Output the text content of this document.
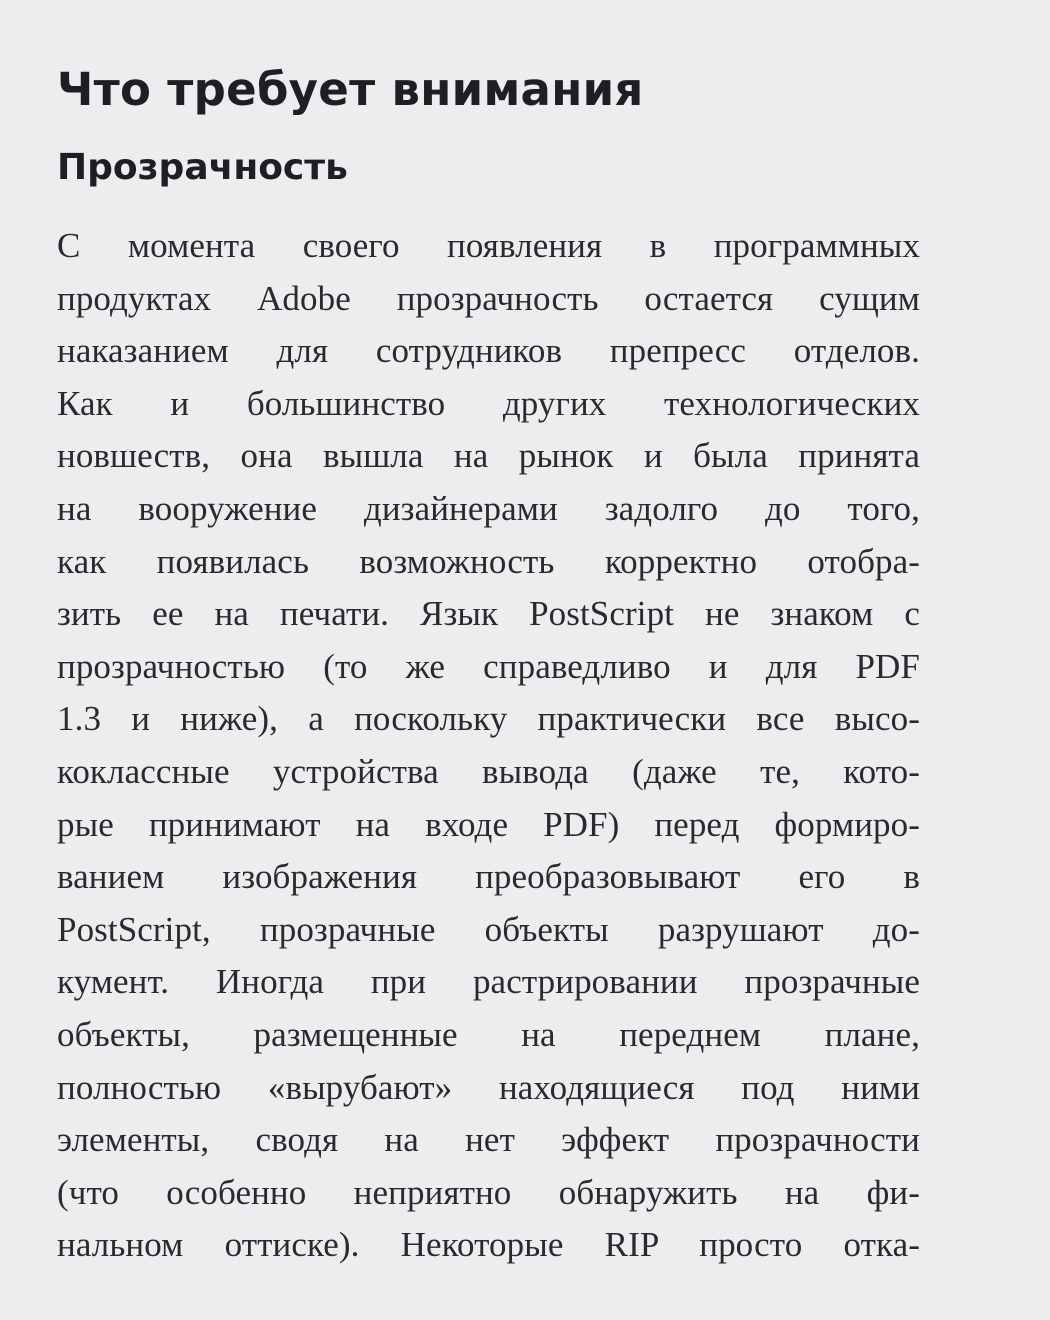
Что требует внимания
Прозрачность
С момента своего появления в программных
продуктах Adobe прозрачность остается сущим
наказанием для сотрудников препресс отделов.
Как и большинство других технологических
новшеств, она вышла на рынок и была принята
на вооружение дизайнерами задолго до того,
как появилась возможность корректно отобра-
зить ее на печати. Язык PostScript не знаком с
прозрачностью (то же справедливо и для PDF
1.3 и ниже), а поскольку практически все высо-
коклассные устройства вывода (даже те, кото-
рые принимают на входе PDF) перед формиро-
ванием изображения преобразовывают его в
PostScript, прозрачные объекты разрушают до-
кумент. Иногда при растрировании прозрачные
объекты, размещенные на переднем плане,
полностью «вырубают» находящиеся под ними
элементы, сводя на нет эффект прозрачности
(что особенно неприятно обнаружить на фи-
нальном оттиске). Некоторые RIP просто отка-
